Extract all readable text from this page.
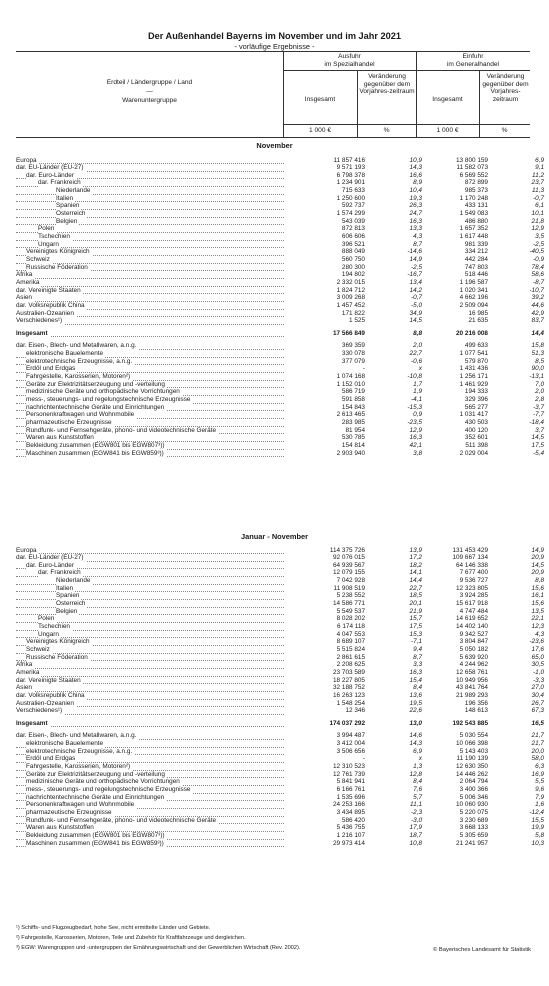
Der Außenhandel Bayerns im November und im Jahr 2021
- vorläufige Ergebnisse -
Erdteil / Ländergruppe / Land
—
Warenuntergruppe
Ausfuhr
im Spezialhandel
Einfuhr
im Generalhandel
Insgesamt
Veränderung gegenüber dem Vorjahres-zeitraum
Insgesamt
Veränderung gegenüber dem Vorjahres-zeitraum
1 000 €	%	1 000 €	%
November
Europa	11 857 416	10,9	13 800 159	6,9
dar. EU-Länder (EU-27)	9 571 193	14,3	11 582 073	9,1
dar. Euro-Länder	6 798 378	16,6	6 569 552	11,2
dar. Frankreich	1 234 901	8,9	872 899	23,7
Niederlande	715 633	10,4	985 373	11,3
Italien	1 250 600	19,3	1 170 248	-0,7
Spanien	592 737	26,3	433 131	6,1
Österreich	1 574 299	24,7	1 549 083	10,1
Belgien	543 039	16,3	486 880	21,8
Polen	872 813	13,3	1 657 352	12,9
Tschechien	606 606	4,3	1 617 448	3,5
Ungarn	396 521	8,7	981 339	-2,5
Vereinigtes Königreich	888 049	-14,6	334 212	-40,5
Schweiz	560 750	14,9	442 284	-0,9
Russische Föderation	280 300	-2,5	747 803	78,4
Afrika	194 802	-16,7	518 446	58,6
Amerika	2 332 015	13,4	1 196 587	-8,7
dar. Vereinigte Staaten	1 824 712	14,2	1 020 341	-10,7
Asien	3 009 268	-0,7	4 662 196	39,2
dar. Volksrepublik China	1 457 452	-5,0	2 509 094	44,6
Australien-Ozeanien	171 822	34,9	16 985	42,9
Verschiedenes¹)	1 525	14,5	21 635	83,7
Insgesamt	17 566 849	8,8	20 216 008	14,4
dar. Eisen-, Blech- und Metallwaren, a.n.g.	369 359	2,0	499 633	15,8
elektronische Bauelemente	330 078	22,7	1 077 541	51,3
elektrotechnische Erzeugnisse, a.n.g.	377 079	-0,6	579 870	8,5
Erdöl und Erdgas	-	x	1 431 436	90,0
Fahrgestelle, Karosserien, Motoren²)	1 074 168	-10,8	1 256 171	-13,1
Geräte zur Elektrizitätserzeugung und -verteilung	1 152 010	1,7	1 461 929	7,0
medizinische Geräte und orthopädische Vorrichtungen	586 719	1,9	194 333	2,0
mess-, steuerungs- und regelungstechnische Erzeugnisse	591 858	-4,1	329 396	2,8
nachrichtentechnische Geräte und Einrichtungen	154 843	-15,3	565 277	-3,7
Personenkraftwagen und Wohnmobile	2 613 465	0,9	1 031 417	-7,7
pharmazeutische Erzeugnisse	283 985	-23,5	430 503	-18,4
Rundfunk- und Fernsehgeräte, phono- und videotechnische Geräte	81 954	12,9	400 120	3,7
Waren aus Kunststoffen	530 785	16,3	352 601	14,5
Bekleidung zusammen (EGW801 bis EGW807³))	154 814	42,1	511 398	17,5
Maschinen zusammen (EGW841 bis EGW859³))	2 903 940	3,8	2 029 004	-5,4
Januar - November
Europa	114 375 726	13,9	131 453 429	14,9
dar. EU-Länder (EU-27)	92 076 015	17,2	109 667 134	20,9
dar. Euro-Länder	64 939 567	18,2	64 146 338	14,5
dar. Frankreich	12 079 155	14,1	7 677 400	20,9
Niederlande	7 042 928	14,4	9 536 727	8,8
Italien	11 908 519	22,7	12 323 805	15,6
Spanien	5 238 552	18,5	3 924 285	16,1
Österreich	14 586 771	20,1	15 617 918	15,6
Belgien	5 549 537	21,9	4 747 484	13,5
Polen	8 028 202	15,7	14 619 652	22,1
Tschechien	6 174 118	17,5	14 402 140	12,3
Ungarn	4 047 553	15,3	9 342 527	4,3
Vereinigtes Königreich	8 689 107	-7,1	3 804 847	-23,6
Schweiz	5 515 824	9,4	5 050 182	17,6
Russische Föderation	2 861 615	8,7	5 639 920	65,0
Afrika	2 208 625	3,3	4 244 962	30,5
Amerika	23 703 589	16,3	12 658 761	-1,0
dar. Vereinigte Staaten	18 227 805	15,4	10 949 956	-3,3
Asien	32 188 752	8,4	43 841 764	27,0
dar. Volksrepublik China	16 263 123	13,6	21 989 293	30,4
Australien-Ozeanien	1 548 254	19,5	196 356	26,7
Verschiedenes¹)	12 346	22,6	148 613	67,3
Insgesamt	174 037 292	13,0	192 543 885	16,5
dar. Eisen-, Blech- und Metallwaren, a.n.g.	3 994 487	14,6	5 030 554	21,7
elektronische Bauelemente	3 412 004	14,3	10 066 398	21,7
elektrotechnische Erzeugnisse, a.n.g.	3 506 656	6,9	5 143 403	20,0
Erdöl und Erdgas	-	x	11 190 139	58,0
Fahrgestelle, Karosserien, Motoren²)	12 310 523	1,3	12 630 350	6,3
Geräte zur Elektrizitätserzeugung und -verteilung	12 761 739	12,8	14 446 262	16,9
medizinische Geräte und orthopädische Vorrichtungen	5 841 941	8,4	2 064 794	5,5
mess-, steuerungs- und regelungstechnische Erzeugnisse	6 166 761	7,6	3 400 366	9,6
nachrichtentechnische Geräte und Einrichtungen	1 535 696	5,7	5 006 346	7,9
Personenkraftwagen und Wohnmobile	24 253 166	11,1	10 060 930	1,6
pharmazeutische Erzeugnisse	3 434 895	-2,3	5 220 075	-12,4
Rundfunk- und Fernsehgeräte, phono- und videotechnische Geräte	586 420	-3,0	3 230 689	15,5
Waren aus Kunststoffen	5 436 755	17,9	3 668 133	19,9
Bekleidung zusammen (EGW801 bis EGW807³))	1 216 107	18,7	5 305 659	5,8
Maschinen zusammen (EGW841 bis EGW859³))	29 973 414	10,8	21 241 957	10,3
¹) Schiffs- und Flugzeugbedarf, hohe See, nicht ermittelte Länder und Gebiete.
²) Fahrgestelle, Karosserien, Motoren, Teile und Zubehör für Kraftfahrzeuge und dergleichen.
³) EGW: Warengruppen und -untergruppen der Ernährungswirtschaft und der Gewerblichen Wirtschaft (Rev. 2002).	© Bayerisches Landesamt für Statistik
